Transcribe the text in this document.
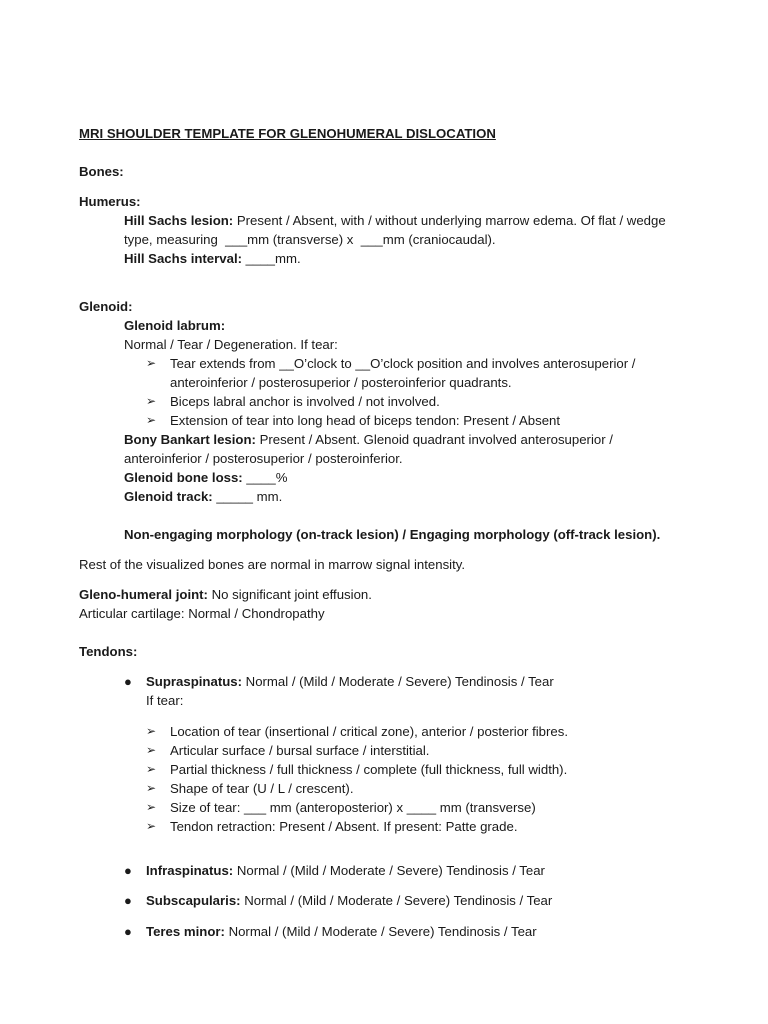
MRI SHOULDER TEMPLATE FOR GLENOHUMERAL DISLOCATION
Bones:
Humerus:
Hill Sachs lesion: Present / Absent, with / without underlying marrow edema. Of flat / wedge
type, measuring  ___mm (transverse) x  ___mm (craniocaudal).
Hill Sachs interval: ____mm.
Glenoid:
Glenoid labrum:
Normal / Tear / Degeneration. If tear:
➢ Tear extends from __O’clock to __O’clock position and involves anterosuperior /
anteroinferior / posterosuperior / posteroinferior quadrants.
➢ Biceps labral anchor is involved / not involved.
➢ Extension of tear into long head of biceps tendon: Present / Absent
Bony Bankart lesion: Present / Absent. Glenoid quadrant involved anterosuperior /
anteroinferior / posterosuperior / posteroinferior.
Glenoid bone loss: ____%
Glenoid track: _____ mm.
Non-engaging morphology (on-track lesion) / Engaging morphology (off-track lesion).
Rest of the visualized bones are normal in marrow signal intensity.
Gleno-humeral joint: No significant joint effusion.
Articular cartilage: Normal / Chondropathy
Tendons:
● Supraspinatus: Normal / (Mild / Moderate / Severe) Tendinosis / Tear
If tear:
➢ Location of tear (insertional / critical zone), anterior / posterior fibres.
➢ Articular surface / bursal surface / interstitial.
➢ Partial thickness / full thickness / complete (full thickness, full width).
➢ Shape of tear (U / L / crescent).
➢ Size of tear: ___ mm (anteroposterior) x ____ mm (transverse)
➢ Tendon retraction: Present / Absent. If present: Patte grade.
● Infraspinatus: Normal / (Mild / Moderate / Severe) Tendinosis / Tear
● Subscapularis: Normal / (Mild / Moderate / Severe) Tendinosis / Tear
● Teres minor: Normal / (Mild / Moderate / Severe) Tendinosis / Tear
